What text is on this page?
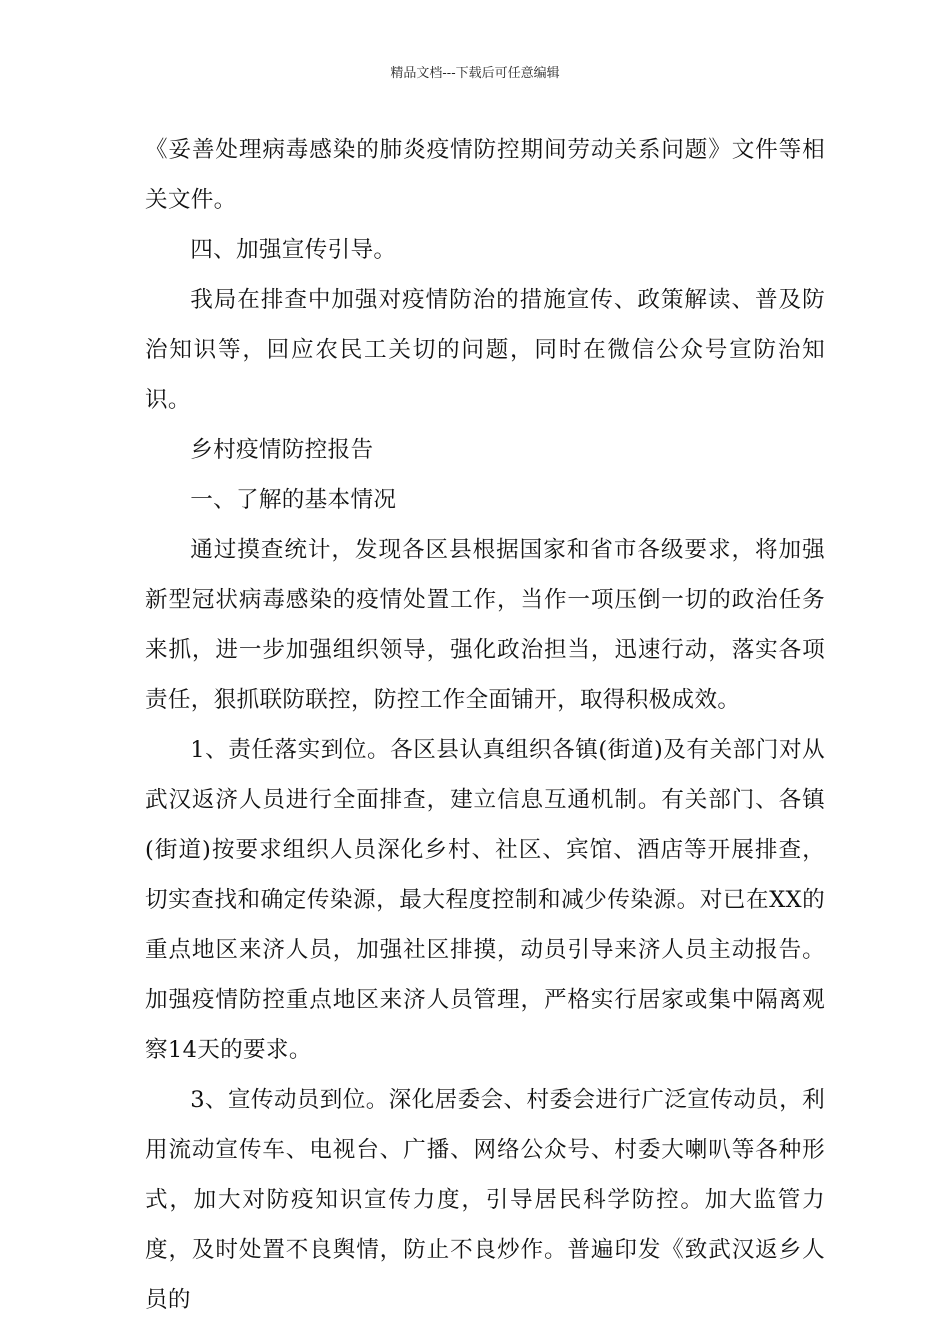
精品文档---下载后可任意编辑

《妥善处理病毒感染的肺炎疫情防控期间劳动关系问题》文件等相关文件。

四、加强宣传引导。

我局在排查中加强对疫情防治的措施宣传、政策解读、普及防治知识等，回应农民工关切的问题，同时在微信公众号宣防治知识。

乡村疫情防控报告

一、了解的基本情况

通过摸查统计，发现各区县根据国家和省市各级要求，将加强新型冠状病毒感染的疫情处置工作，当作一项压倒一切的政治任务来抓，进一步加强组织领导，强化政治担当，迅速行动，落实各项责任，狠抓联防联控，防控工作全面铺开，取得积极成效。

1、责任落实到位。各区县认真组织各镇(街道)及有关部门对从武汉返济人员进行全面排查，建立信息互通机制。有关部门、各镇(街道)按要求组织人员深化乡村、社区、宾馆、酒店等开展排查，切实查找和确定传染源，最大程度控制和减少传染源。对已在XX的重点地区来济人员，加强社区排摸，动员引导来济人员主动报告。加强疫情防控重点地区来济人员管理，严格实行居家或集中隔离观察14天的要求。

3、宣传动员到位。深化居委会、村委会进行广泛宣传动员，利用流动宣传车、电视台、广播、网络公众号、村委大喇叭等各种形式，加大对防疫知识宣传力度，引导居民科学防控。加大监管力度，及时处置不良舆情，防止不良炒作。普遍印发《致武汉返乡人员的
